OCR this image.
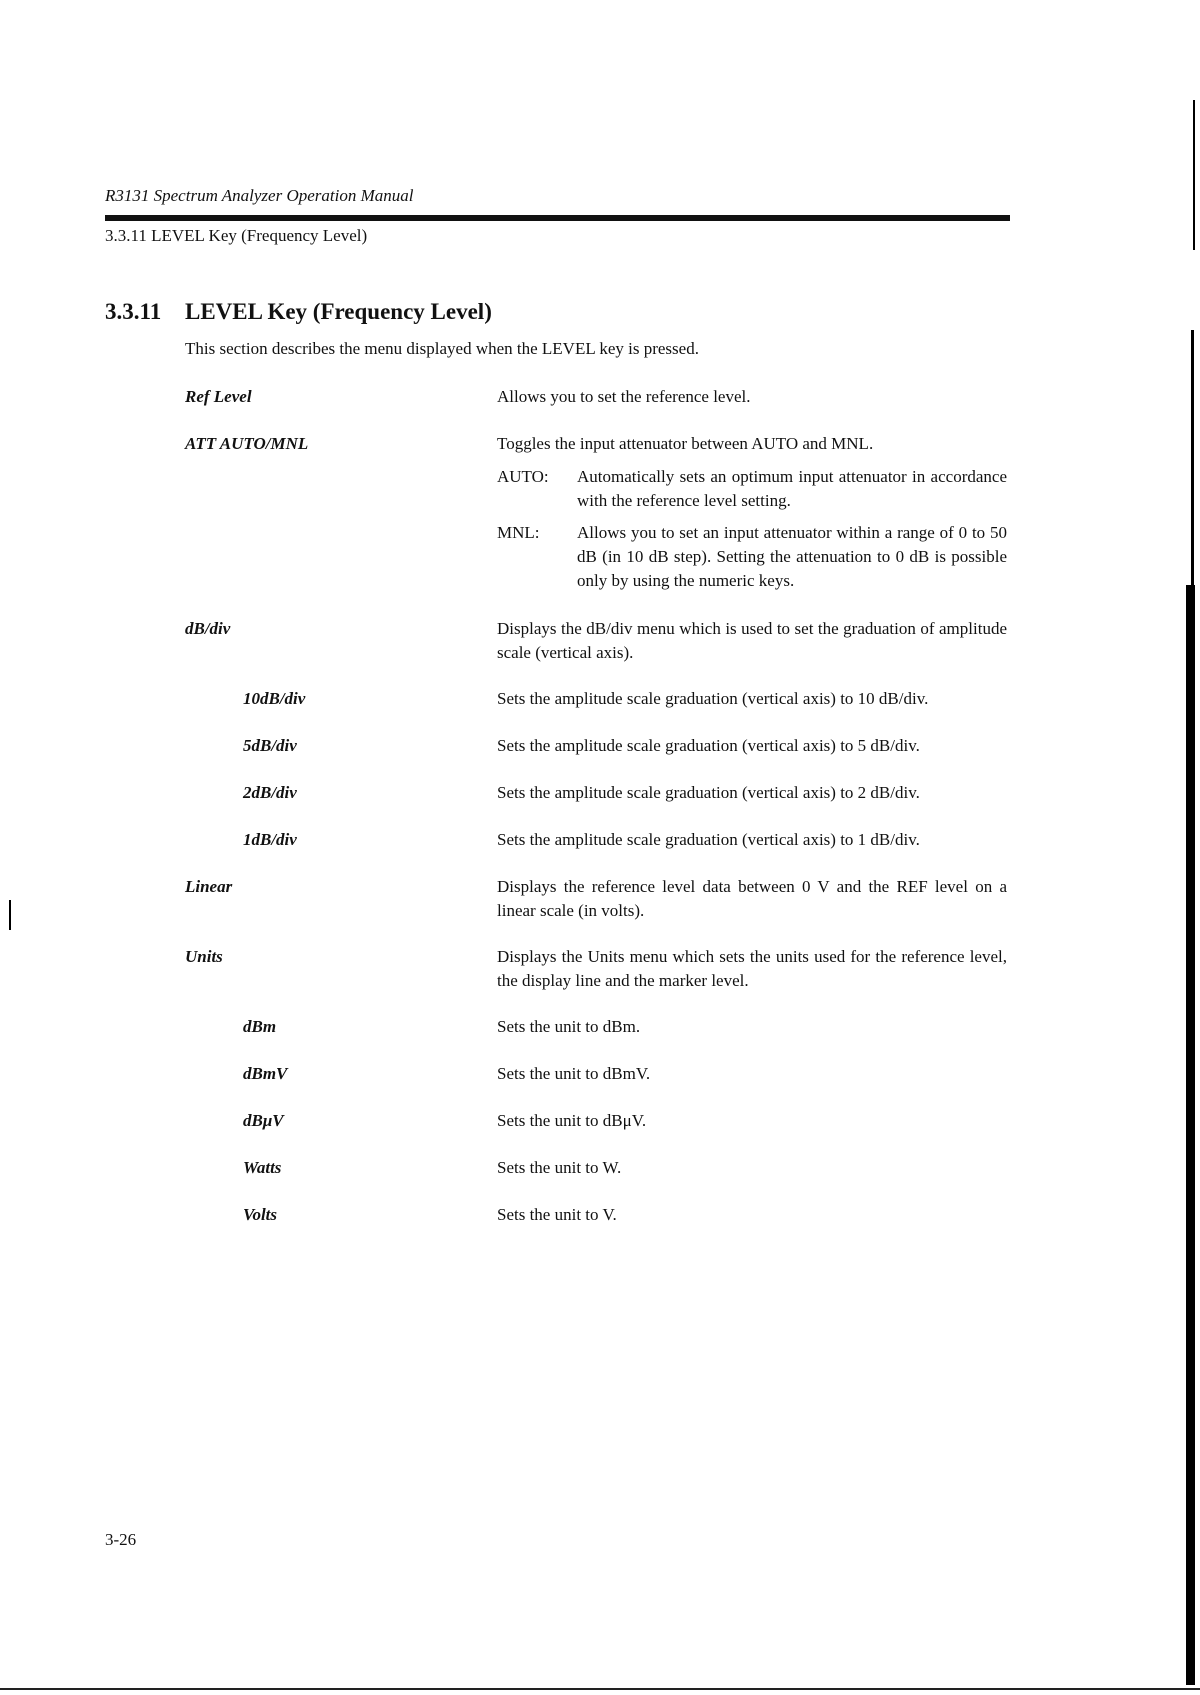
R3131 Spectrum Analyzer Operation Manual
3.3.11 LEVEL Key (Frequency Level)
3.3.11 LEVEL Key (Frequency Level)
This section describes the menu displayed when the LEVEL key is pressed.
Ref Level	Allows you to set the reference level.
ATT AUTO/MNL	Toggles the input attenuator between AUTO and MNL.
AUTO:	Automatically sets an optimum input attenuator in accordance with the reference level setting.
MNL:	Allows you to set an input attenuator within a range of 0 to 50 dB (in 10 dB step). Setting the attenuation to 0 dB is possible only by using the numeric keys.
dB/div	Displays the dB/div menu which is used to set the graduation of amplitude scale (vertical axis).
10dB/div	Sets the amplitude scale graduation (vertical axis) to 10 dB/div.
5dB/div	Sets the amplitude scale graduation (vertical axis) to 5 dB/div.
2dB/div	Sets the amplitude scale graduation (vertical axis) to 2 dB/div.
1dB/div	Sets the amplitude scale graduation (vertical axis) to 1 dB/div.
Linear	Displays the reference level data between 0 V and the REF level on a linear scale (in volts).
Units	Displays the Units menu which sets the units used for the reference level, the display line and the marker level.
dBm	Sets the unit to dBm.
dBmV	Sets the unit to dBmV.
dBμV	Sets the unit to dBμV.
Watts	Sets the unit to W.
Volts	Sets the unit to V.
3-26
